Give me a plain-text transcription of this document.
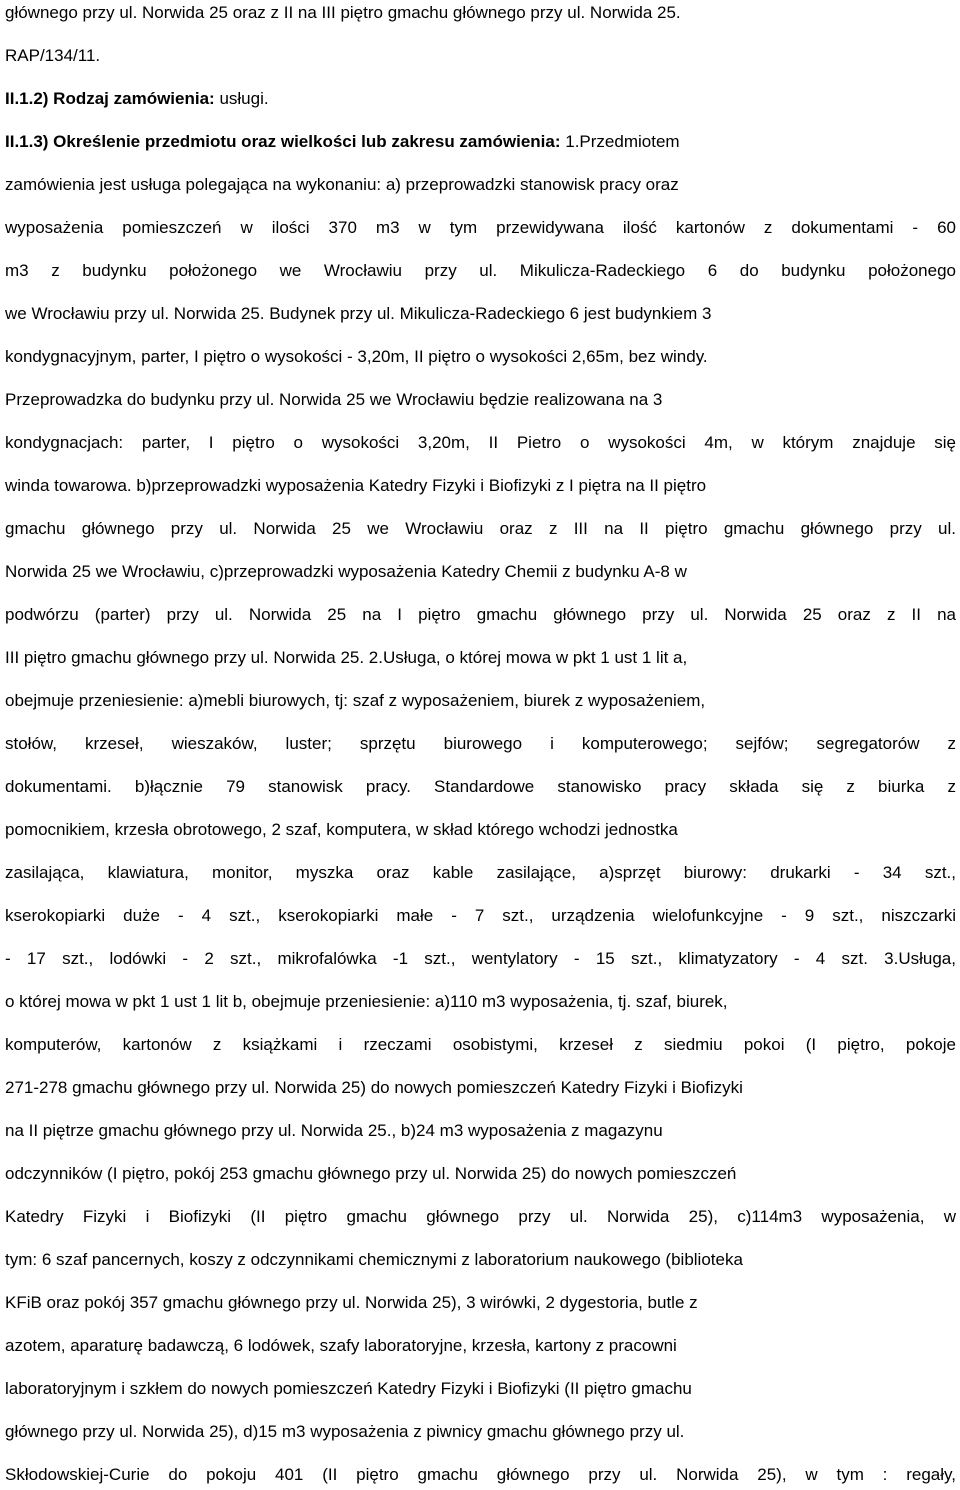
głównego przy ul. Norwida 25 oraz z II na III piętro gmachu głównego przy ul. Norwida 25.
RAP/134/11.
II.1.2) Rodzaj zamówienia: usługi.
II.1.3) Określenie przedmiotu oraz wielkości lub zakresu zamówienia: 1.Przedmiotem
zamówienia jest usługa polegająca na wykonaniu: a) przeprowadzki stanowisk pracy oraz
wyposażenia pomieszczeń w ilości 370 m3 w tym przewidywana ilość kartonów z dokumentami - 60
m3 z budynku położonego we Wrocławiu przy ul. Mikulicza-Radeckiego 6 do budynku położonego
we Wrocławiu przy ul. Norwida 25. Budynek przy ul. Mikulicza-Radeckiego 6 jest budynkiem 3
kondygnacyjnym, parter, I piętro o wysokości - 3,20m, II piętro o wysokości 2,65m, bez windy.
Przeprowadzka do budynku przy ul. Norwida 25 we Wrocławiu będzie realizowana na 3
kondygnacjach: parter, I piętro o wysokości 3,20m, II Pietro o wysokości 4m, w którym znajduje się
winda towarowa. b)przeprowadzki wyposażenia Katedry Fizyki i Biofizyki z I piętra na II piętro
gmachu głównego przy ul. Norwida 25 we Wrocławiu oraz z III na II piętro gmachu głównego przy ul.
Norwida 25 we Wrocławiu, c)przeprowadzki wyposażenia Katedry Chemii z budynku A-8 w
podwórzu (parter) przy ul. Norwida 25 na I piętro gmachu głównego przy ul. Norwida 25 oraz z II na
III piętro gmachu głównego przy ul. Norwida 25. 2.Usługa, o której mowa w pkt 1 ust 1 lit a,
obejmuje przeniesienie: a)mebli biurowych, tj: szaf z wyposażeniem, biurek z wyposażeniem,
stołów, krzeseł, wieszaków, luster; sprzętu biurowego i komputerowego; sejfów; segregatorów z
dokumentami. b)łącznie 79 stanowisk pracy. Standardowe stanowisko pracy składa się z biurka z
pomocnikiem, krzesła obrotowego, 2 szaf, komputera, w skład którego wchodzi jednostka
zasilająca, klawiatura, monitor, myszka oraz kable zasilające, a)sprzęt biurowy: drukarki - 34 szt.,
kserokopiarki duże - 4 szt., kserokopiarki małe - 7 szt., urządzenia wielofunkcyjne - 9 szt., niszczarki
- 17 szt., lodówki - 2 szt., mikrofalówka -1 szt., wentylatory - 15 szt., klimatyzatory - 4 szt. 3.Usługa,
o której mowa w pkt 1 ust 1 lit b, obejmuje przeniesienie: a)110 m3 wyposażenia, tj. szaf, biurek,
komputerów, kartonów z książkami i rzeczami osobistymi, krzeseł z siedmiu pokoi (I piętro, pokoje
271-278 gmachu głównego przy ul. Norwida 25) do nowych pomieszczeń Katedry Fizyki i Biofizyki
na II piętrze gmachu głównego przy ul. Norwida 25., b)24 m3 wyposażenia z magazynu
odczynników (I piętro, pokój 253 gmachu głównego przy ul. Norwida 25) do nowych pomieszczeń
Katedry Fizyki i Biofizyki (II piętro gmachu głównego przy ul. Norwida 25), c)114m3 wyposażenia, w
tym: 6 szaf pancernych, koszy z odczynnikami chemicznymi z laboratorium naukowego (biblioteka
KFiB oraz pokój 357 gmachu głównego przy ul. Norwida 25), 3 wirówki, 2 dygestoria, butle z
azotem, aparaturę badawczą, 6 lodówek, szafy laboratoryjne, krzesła, kartony z pracowni
laboratoryjnym i szkłem do nowych pomieszczeń Katedry Fizyki i Biofizyki (II piętro gmachu
głównego przy ul. Norwida 25), d)15 m3 wyposażenia z piwnicy gmachu głównego przy ul.
Skłodowskiej-Curie do pokoju 401 (II piętro gmachu głównego przy ul. Norwida 25), w tym : regały,
